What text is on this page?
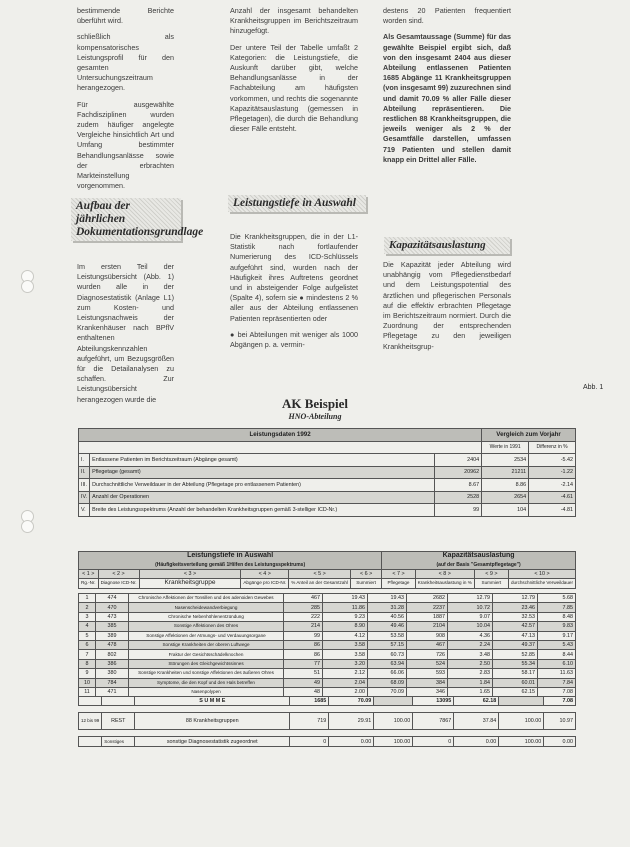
bestimmende Berichte überführt wird.

schließlich als kompensatorisches Leistungsprofil für den gesamten Untersuchungszeitraum herangezogen.

Für ausgewählte Fachdisziplinen wurden zudem häufiger angelegte Vergleiche hinsichtlich Art und Umfang bestimmter Behandlungsanlässe sowie der erbrachten Markteinstellung vorgenommen.

Aufbau der jährlichen Dokumentationsgrundlage

Im ersten Teil der Leistungsübersicht (Abb. 1) wurden alle in der Diagnosestatistik (Anlage L1) zum Kosten- und Leistungsnachweis der Krankenhäuser nach BPflV enthaltenen Abteilungskennzahlen aufgeführt, um Bezugsgrößen für die Detailanalysen zu schaffen. Zur Leistungsübersicht herangezogen wurde die

Anzahl der insgesamt behandelten Krankheitsgruppen im Berichtszeitraum hinzugefügt.

Der untere Teil der Tabelle umfaßt 2 Kategorien: die Leistungstiefe, die Auskunft darüber gibt, welche Behandlungsanlässe in der Fachabteilung am häufigsten vorkommen, und rechts die sogenannte Kapazitätsauslastung (gemessen in Pflegetagen), die durch die Behandlung dieser Fälle entsteht.

Leistungstiefe in Auswahl

Die Krankheitsgruppen, die in der L1-Statistik nach fortlaufender Numerierung des ICD-Schlüssels aufgeführt sind, wurden nach der Häufigkeit ihres Auftretens geordnet und in absteigender Folge aufgelistet (Spalte 4), sofern sie ● mindestens 2 % aller aus der Abteilung entlassenen Patienten repräsentierten oder

● bei Abteilungen mit weniger als 1000 Abgängen p. a. vermin-

destens 20 Patienten frequentiert worden sind.

Als Gesamtaussage (Summe) für das gewählte Beispiel ergibt sich, daß von den insgesamt 2404 aus dieser Abteilung entlassenen Patienten 1685 Abgänge 11 Krankheitsgruppen (von insgesamt 99) zuzurechnen sind und damit 70.09 % aller Fälle dieser Abteilung repräsentieren. Die restlichen 88 Krankheitsgruppen, die jeweils weniger als 2 % der Gesamtfälle darstellen, umfassen 719 Patienten und stellen damit knapp ein Drittel aller Fälle.

Kapazitätsauslastung

Die Kapazität jeder Abteilung wird unabhängig vom Pflegedienstbedarf und dem Leistungspotential des ärztlichen und pflegerischen Personals auf die effektiv erbrachten Pflegetage im Berichtszeitraum normiert. Durch die Zuordnung der entsprechenden Pflegetage zu den jeweiligen Krankheitsgrup-

Abb. 1
AK Beispiel
HNO-Abteilung
Leistungsdaten 1992			Vergleich zum Vorjahr	
			Werte in 1991	Differenz in %
I.	Entlassene Patienten im Berichtszeitraum (Abgänge gesamt)	2404	2534	-5.42
II.	Pflegetage (gesamt)	20962	21211	-1.22
III.	Durchschnittliche Verweildauer in der Abteilung (Pflegetage pro entlassenem Patienten)	8.67	8.86	-2.14
IV.	Anzahl der Operationen	2528	2654	-4.61
V.	Breite des Leistungsspektrums (Anzahl der behandelten Krankheitsgruppen gemäß 3-stelliger ICD-Nr.)	99	104	-4.81
Leistungstiefe in Auswahl						Kapazitätsauslastung			
(Häufigkeitsverteilung gemäß 1Hilfen des Leistungsspektrums)						(auf der Basis "Gesamtpflegetage")			
< 1 >	< 2 >	< 3 >	< 4 >	< 5 >	< 6 >	< 7 >	< 8 >	< 9 >	< 10 >
Rg.-Nr.	Diagnose ICD-Nr.	Krankheitsgruppe	Abgänge pro ICD-Nr.	% Anteil an der Gesamtzahl	Summiert	Pflegetage	Krankheitsauslastung in %	Summiert	durchschnittliche Verweildauer
1	474	Chronische Affektionen der Tonsillen und des adenoiden Gewebes	467	19.43	19.43	2682	12.79	12.79	5.68
2	470	Nasenscheidewandverbiegung	285	11.86	31.28	2237	10.72	23.46	7.85
3	473	Chronische Nebenhöhlenentzündung	222	9.23	40.56	1887	9.07	32.53	8.48
4	385	Sonstige Affektionen des Ohres	214	8.90	49.46	2104	10.04	42.57	9.83
5	389	Sonstige Affektionen der Atmungs- und Verdauungsorgane	99	4.12	53.58	908	4.36	47.13	9.17
6	478	Sonstige Krankheiten der oberen Luftwege	86	3.58	57.15	467	2.24	49.37	5.43
7	802	Fraktur der Gesichtsschädelknochen	86	3.58	60.73	726	3.48	52.85	8.44
8	386	Störungen des Gleichgewichtssinnes	77	3.20	63.94	524	2.50	55.34	6.10
9	380	Sonstige Krankheiten und sonstige Affektionen des äußeren Ohres	51	2.12	66.06	593	2.83	58.17	11.63
10	784	Symptome, die den Kopf und den Hals betreffen	49	2.04	68.09	384	1.84	60.01	7.84
11	471	Nasenpolypen	48	2.00	70.09	346	1.65	62.15	7.08
		S U M M E	1685	70.09		13095	62.18		7.08

12 bis 99	REST	88 Krankheitsgruppen	719	29.91	100.00	7867	37.84	100.00	10.97

	Sonstiges	sonstige Diagnosestatistik zugeordnet	0	0.00	100.00	0	0.00	100.00	0.00
